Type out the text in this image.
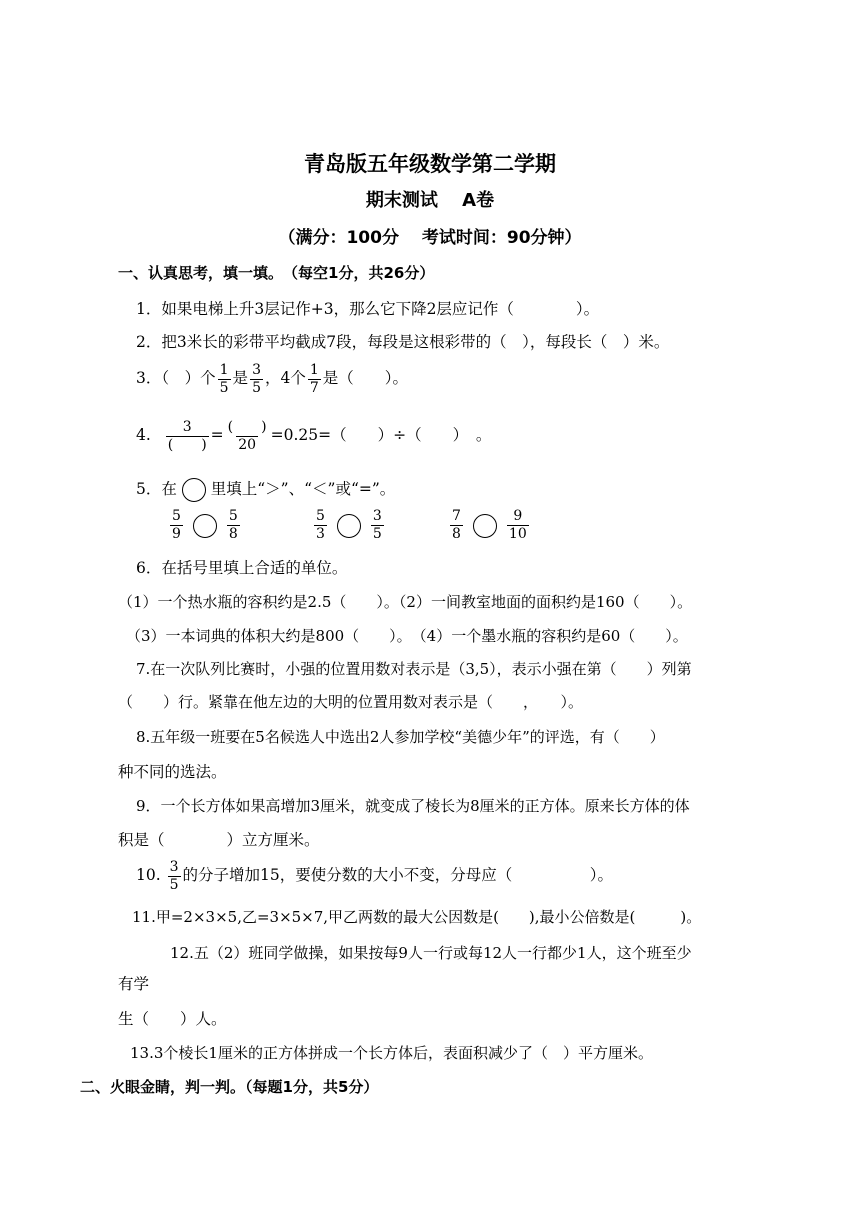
青岛版五年级数学第二学期
期末测试　 A卷
（满分：100分　 考试时间：90分钟）
一、认真思考，填一填。　（每空1分，共26分）
1．如果电梯上升3层记作+3，那么它下降2层应记作（　　　　）。
2．把3米长的彩带平均截成7段，每段是这根彩带的（　），每段长（　）米。
3．（　）个 $\frac{1}{5}$ 是 $\frac{3}{5}$ ，4个 $\frac{1}{7}$ 是（　　）。
4. $\frac{3}{( )} = \frac{( )}{20} =0.25=$（　　）÷（　　）　。
5．在 里填上“＞”、“＜”或“=”。
$\frac{5}{9}$	$\frac{5}{8}$	$\frac{5}{3}$	$\frac{3}{5}$	$\frac{7}{8}$	$\frac{9}{10}$
6．在括号里填上合适的单位。
（1）一个热水瓶的容积约是2.5（　　）。（2）一间教室地面的面积约是160（　　）。
（3）一本词典的体积大约是800（　　）。　（4）一个墨水瓶的容积约是60（　　）。
7.在一次队列比赛时，小强的位置用数对表示是（3,5），表示小强在第（　　）列第
（　　）行。紧靠在他左边的大明的位置用数对表示是（　　，　　）。
8.五年级一班要在5名候选人中选出2人参加学校“美德少年”的评选，有（　　）
种不同的选法。
9．一个长方体如果高增加3厘米，就变成了棱长为8厘米的正方体。原来长方体的体
积是（　　　　）立方厘米。
10. $\frac{3}{5}$ 的分子增加15，要使分数的大小不变，分母应（　　　　　）。
11.甲=2×3×5,乙=3×5×7,甲乙两数的最大公因数是(　　),最小公倍数是(　　　)。
12.五（2）班同学做操，如果按每9人一行或每12人一行都少1人，这个班至少
有学
生（　　）人。
13.3个棱长1厘米的正方体拼成一个长方体后，表面积减少了（　）平方厘米。
二、火眼金睛，判一判。（每题1分，共5分）
